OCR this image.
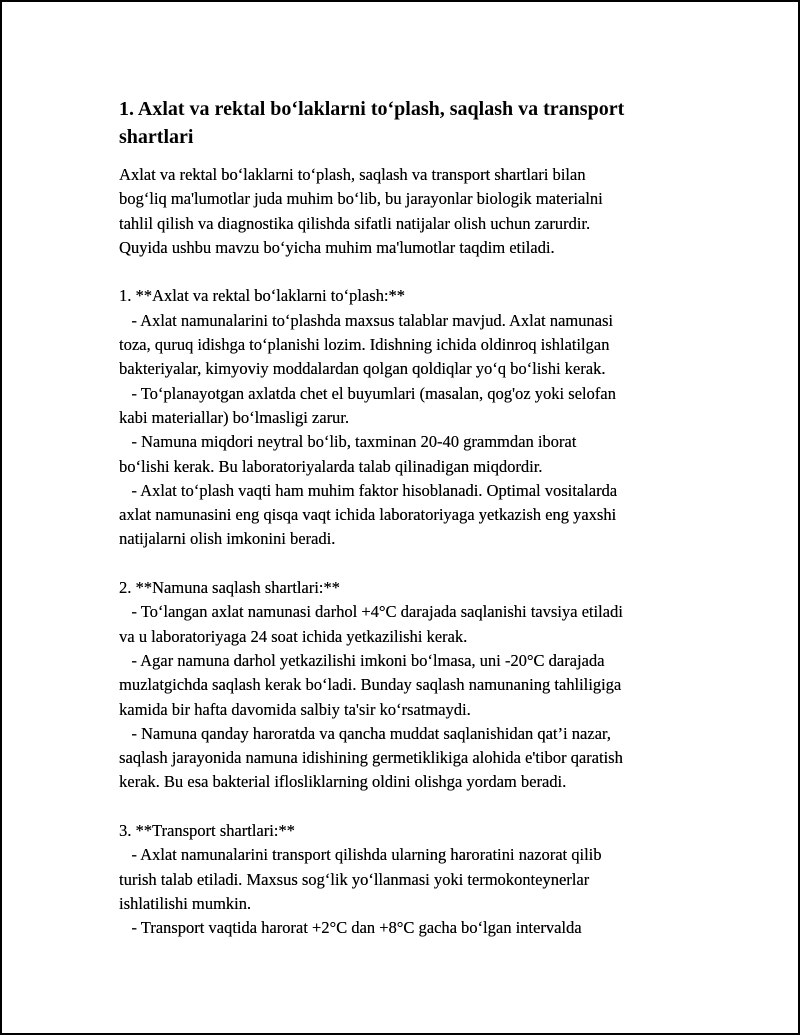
1. Axlat va rektal bo‘laklarni to‘plash, saqlash va transport shartlari

Axlat va rektal bo‘laklarni to‘plash, saqlash va transport shartlari bilan
bog‘liq ma'lumotlar juda muhim bo‘lib, bu jarayonlar biologik materialni
tahlil qilish va diagnostika qilishda sifatli natijalar olish uchun zarurdir.
Quyida ushbu mavzu bo‘yicha muhim ma'lumotlar taqdim etiladi.

1. **Axlat va rektal bo‘laklarni to‘plash:**
- Axlat namunalarini to‘plashda maxsus talablar mavjud. Axlat namunasi
toza, quruq idishga to‘planishi lozim. Idishning ichida oldinroq ishlatilgan
bakteriyalar, kimyoviy moddalardan qolgan qoldiqlar yo‘q bo‘lishi kerak.
- To‘planayotgan axlatda chet el buyumlari (masalan, qog'oz yoki selofan
kabi materiallar) bo‘lmasligi zarur.
- Namuna miqdori neytral bo‘lib, taxminan 20-40 grammdan iborat
bo‘lishi kerak. Bu laboratoriyalarda talab qilinadigan miqdordir.
- Axlat to‘plash vaqti ham muhim faktor hisoblanadi. Optimal vositalarda
axlat namunasini eng qisqa vaqt ichida laboratoriyaga yetkazish eng yaxshi
natijalarni olish imkonini beradi.

2. **Namuna saqlash shartlari:**
- To‘langan axlat namunasi darhol +4°C darajada saqlanishi tavsiya etiladi
va u laboratoriyaga 24 soat ichida yetkazilishi kerak.
- Agar namuna darhol yetkazilishi imkoni bo‘lmasa, uni -20°C darajada
muzlatgichda saqlash kerak bo‘ladi. Bunday saqlash namunaning tahliligiga
kamida bir hafta davomida salbiy ta'sir ko‘rsatmaydi.
- Namuna qanday haroratda va qancha muddat saqlanishidan qat’i nazar,
saqlash jarayonida namuna idishining germetiklikiga alohida e'tibor qaratish
kerak. Bu esa bakterial iflosliklarning oldini olishga yordam beradi.

3. **Transport shartlari:**
- Axlat namunalarini transport qilishda ularning haroratini nazorat qilib
turish talab etiladi. Maxsus sog‘lik yo‘llanmasi yoki termokonteynerlar
ishlatilishi mumkin.
- Transport vaqtida harorat +2°C dan +8°C gacha bo‘lgan intervalda
